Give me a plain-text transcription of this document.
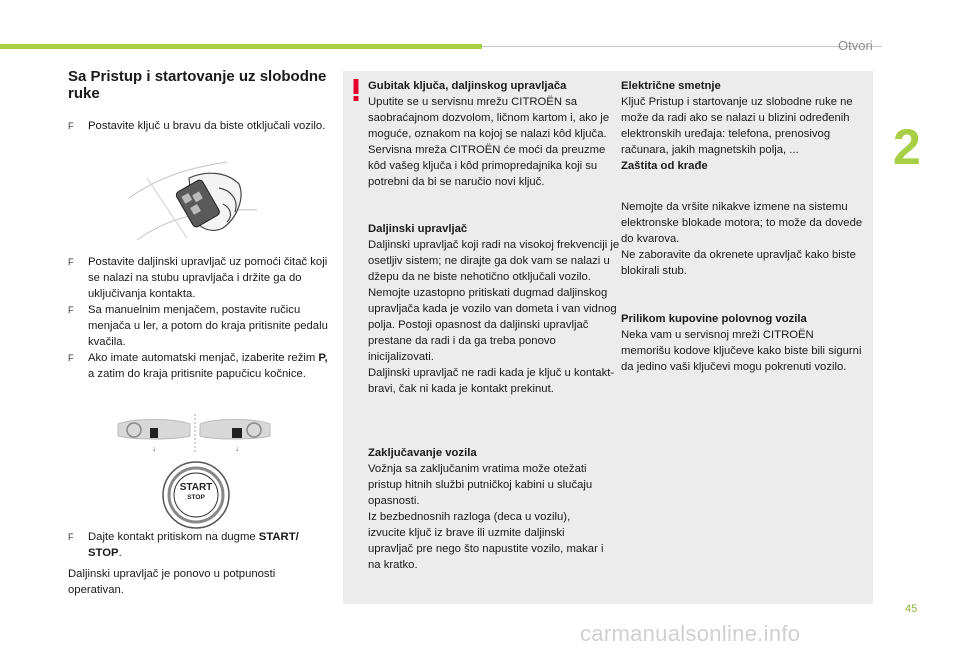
Otvori
2
45
carmanualsonline.info
Sa Pristup i startovanje uz slobodne ruke

F Postavite ključ u bravu da biste otključali vozilo.

F Postavite daljinski upravljač uz pomoći čitač koji se nalazi na stubu upravljača i držite ga do uključivanja kontakta.

F Sa manuelnim menjačem, postavite ručicu menjača u ler, a potom do kraja pritisnite pedalu kvačila.

F Ako imate automatski menjač, izaberite režim P, a zatim do kraja pritisnite papučicu kočnice.

↓	↓
START
STOP

F Dajte kontakt pritiskom na dugme START/ STOP.

Daljinski upravljač je ponovo u potpunosti operativan.
Gubitak ključa, daljinskog upravljača
Uputite se u servisnu mrežu CITROËN sa saobraćajnom dozvolom, ličnom kartom i, ako je moguće, oznakom na kojoj se nalazi kôd ključa.
Servisna mreža CITROËN će moći da preuzme kôd vašeg ključa i kôd primopredajnika koji su potrebni da bi se naručio novi ključ.
Daljinski upravljač
Daljinski upravljač koji radi na visokoj frekvenciji je osetljiv sistem; ne dirajte ga dok vam se nalazi u džepu da ne biste nehotično otključali vozilo.
Nemojte uzastopno pritiskati dugmad daljinskog upravljača kada je vozilo van dometa i van vidnog polja. Postoji opasnost da daljinski upravljač prestane da radi i da ga treba ponovo inicijalizovati.
Daljinski upravljač ne radi kada je ključ u kontakt-bravi, čak ni kada je kontakt prekinut.
Zaključavanje vozila
Vožnja sa zaključanim vratima može otežati pristup hitnih službi putničkoj kabini u slučaju opasnosti.
Iz bezbednosnih razloga (deca u vozilu), izvucite ključ iz brave ili uzmite daljinski upravljač pre nego što napustite vozilo, makar i na kratko.
Električne smetnje
Ključ Pristup i startovanje uz slobodne ruke ne može da radi ako se nalazi u blizini određenih elektronskih uređaja: telefona, prenosivog računara, jakih magnetskih polja, ...
Zaštita od krađe
Nemojte da vršite nikakve izmene na sistemu elektronske blokade motora; to može da dovede do kvarova.
Ne zaboravite da okrenete upravljač kako biste blokirali stub.
Prilikom kupovine polovnog vozila
Neka vam u servisnoj mreži CITROËN memorišu kodove ključeve kako biste bili sigurni da jedino vaši ključevi mogu pokrenuti vozilo.
